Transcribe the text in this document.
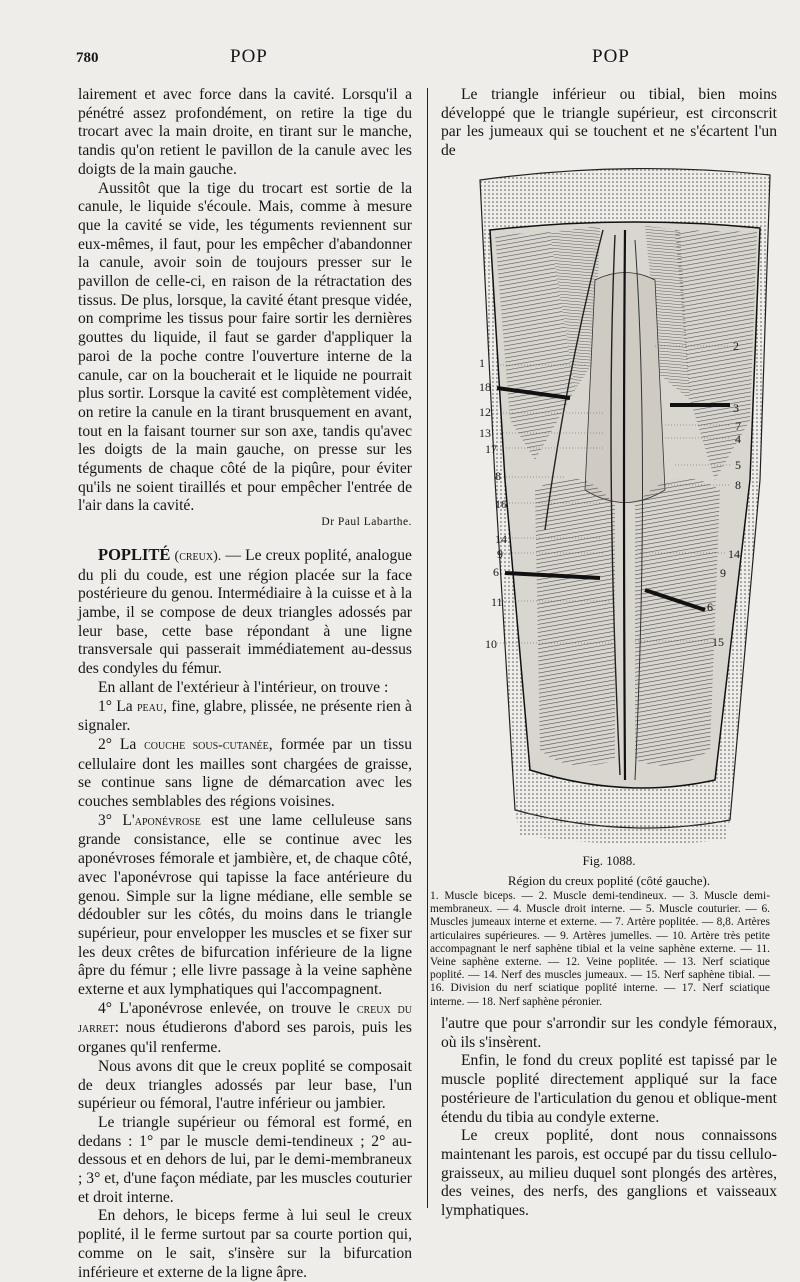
780	POP	POP

lairement et avec force dans la cavité. Lorsqu'il a pénétré assez profondément, on retire la tige du trocart avec la main droite, en tirant sur le manche, tandis qu'on retient le pavillon de la canule avec les doigts de la main gauche.

Aussitôt que la tige du trocart est sortie de la canule, le liquide s'écoule. Mais, comme à mesure que la cavité se vide, les téguments reviennent sur eux-mêmes, il faut, pour les empêcher d'abandonner la canule, avoir soin de toujours presser sur le pavillon de celle-ci, en raison de la rétractation des tissus. De plus, lorsque, la cavité étant presque vidée, on comprime les tissus pour faire sortir les dernières gouttes du liquide, il faut se garder d'appliquer la paroi de la poche contre l'ouverture interne de la canule, car on la boucherait et le liquide ne pourrait plus sortir. Lorsque la cavité est complètement vidée, on retire la canule en la tirant brusquement en avant, tout en la faisant tourner sur son axe, tandis qu'avec les doigts de la main gauche, on presse sur les téguments de chaque côté de la piqûre, pour éviter qu'ils ne soient tiraillés et pour empêcher l'entrée de l'air dans la cavité.

Dr Paul Labarthe.

POPLITÉ (creux). — Le creux poplité, analogue du pli du coude, est une région placée sur la face postérieure du genou. Intermédiaire à la cuisse et à la jambe, il se compose de deux triangles adossés par leur base, cette base répondant à une ligne transversale qui passerait immédiatement au-dessus des condyles du fémur.

En allant de l'extérieur à l'intérieur, on trouve :

1° La peau, fine, glabre, plissée, ne présente rien à signaler.

2° La couche sous-cutanée, formée par un tissu cellulaire dont les mailles sont chargées de graisse, se continue sans ligne de démarcation avec les couches semblables des régions voisines.

3° L'aponévrose est une lame celluleuse sans grande consistance, elle se continue avec les aponévroses fémorale et jambière, et, de chaque côté, avec l'aponévrose qui tapisse la face antérieure du genou. Simple sur la ligne médiane, elle semble se dédoubler sur les côtés, du moins dans le triangle supérieur, pour envelopper les muscles et se fixer sur les deux crêtes de bifurcation inférieure de la ligne âpre du fémur ; elle livre passage à la veine saphène externe et aux lymphatiques qui l'accompagnent.

4° L'aponévrose enlevée, on trouve le creux du jarret: nous étudierons d'abord ses parois, puis les organes qu'il renferme.

Nous avons dit que le creux poplité se composait de deux triangles adossés par leur base, l'un supérieur ou fémoral, l'autre inférieur ou jambier.

Le triangle supérieur ou fémoral est formé, en dedans : 1° par le muscle demi-tendineux ; 2° au-dessous et en dehors de lui, par le demi-membraneux ; 3° et, d'une façon médiate, par les muscles couturier et droit interne.

En dehors, le biceps ferme à lui seul le creux poplité, il le ferme surtout par sa courte portion qui, comme on le sait, s'insère sur la bifurcation inférieure et externe de la ligne âpre.

Le triangle inférieur ou tibial, bien moins développé que le triangle supérieur, est circonscrit par les jumeaux qui se touchent et ne s'écartent l'un de

1
18
12
13
17
8
16
14
9
6
11
10
2
3
7
4
5
8
14
9
6
15
Fig. 1088.
Région du creux poplité (côté gauche).
1. Muscle biceps. — 2. Muscle demi-tendineux. — 3. Muscle demi-membraneux. — 4. Muscle droit interne. — 5. Muscle couturier. — 6. Muscles jumeaux interne et externe. — 7. Artère poplitée. — 8,8. Artères articulaires supérieures. — 9. Artères jumelles. — 10. Artère très petite accompagnant le nerf saphène tibial et la veine saphène externe. — 11. Veine saphène externe. — 12. Veine poplitée. — 13. Nerf sciatique poplité. — 14. Nerf des muscles jumeaux. — 15. Nerf saphène tibial. — 16. Division du nerf sciatique poplité interne. — 17. Nerf sciatique interne. — 18. Nerf saphène péronier.

l'autre que pour s'arrondir sur les condyle fémoraux, où ils s'insèrent.

Enfin, le fond du creux poplité est tapissé par le muscle poplité directement appliqué sur la face postérieure de l'articulation du genou et oblique-ment étendu du tibia au condyle externe.

Le creux poplité, dont nous connaissons maintenant les parois, est occupé par du tissu cellulo-graisseux, au milieu duquel sont plongés des artères, des veines, des nerfs, des ganglions et vaisseaux lymphatiques.
